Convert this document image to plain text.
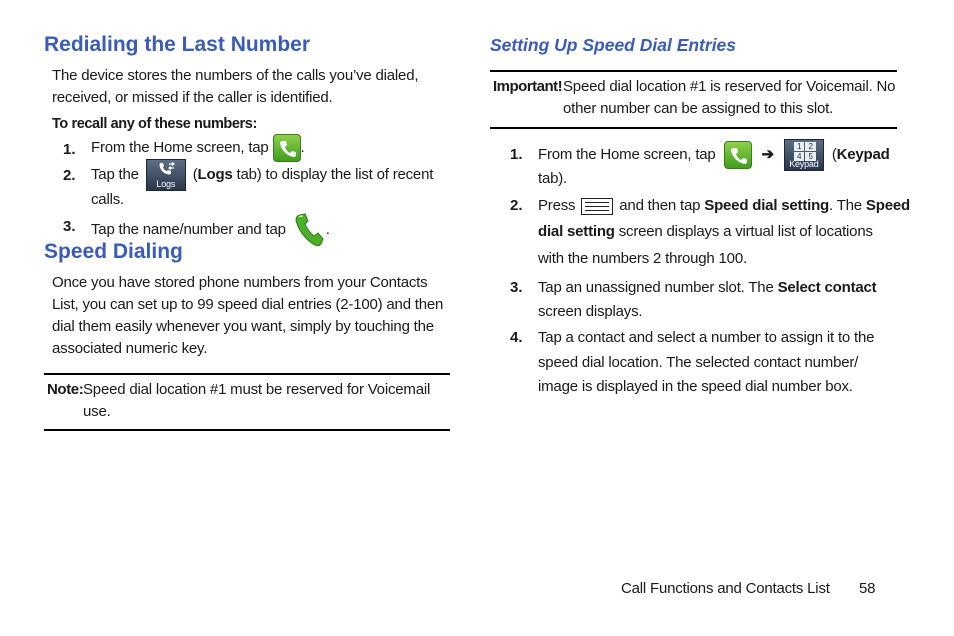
Redialing the Last Number

The device stores the numbers of the calls you’ve dialed,

received, or missed if the caller is identified.

To recall any of these numbers:

1. From the Home screen, tap .
2. Tap the
Logs
(Logs tab) to display the list of recent
calls.
3. Tap the name/number and tap	.
Speed Dialing

Once you have stored phone numbers from your Contacts

List, you can set up to 99 speed dial entries (2-100) and then

dial them easily whenever you want, simply by touching the

associated numeric key.

Note: Speed dial location #1 must be reserved for Voicemail

use.

Setting Up Speed Dial Entries

Important! Speed dial location #1 is reserved for Voicemail. No

other number can be assigned to this slot.

1. From the Home screen, tap	➔	1 2
4 5
Keypad
(Keypad
tab).
2. Press	and then tap Speed dial setting. The Speed
dial setting screen displays a virtual list of locations
with the numbers 2 through 100.
3. Tap an unassigned number slot. The Select contact
screen displays.
4. Tap a contact and select a number to assign it to the
speed dial location. The selected contact number/
image is displayed in the speed dial number box.
Call Functions and Contacts List 58
